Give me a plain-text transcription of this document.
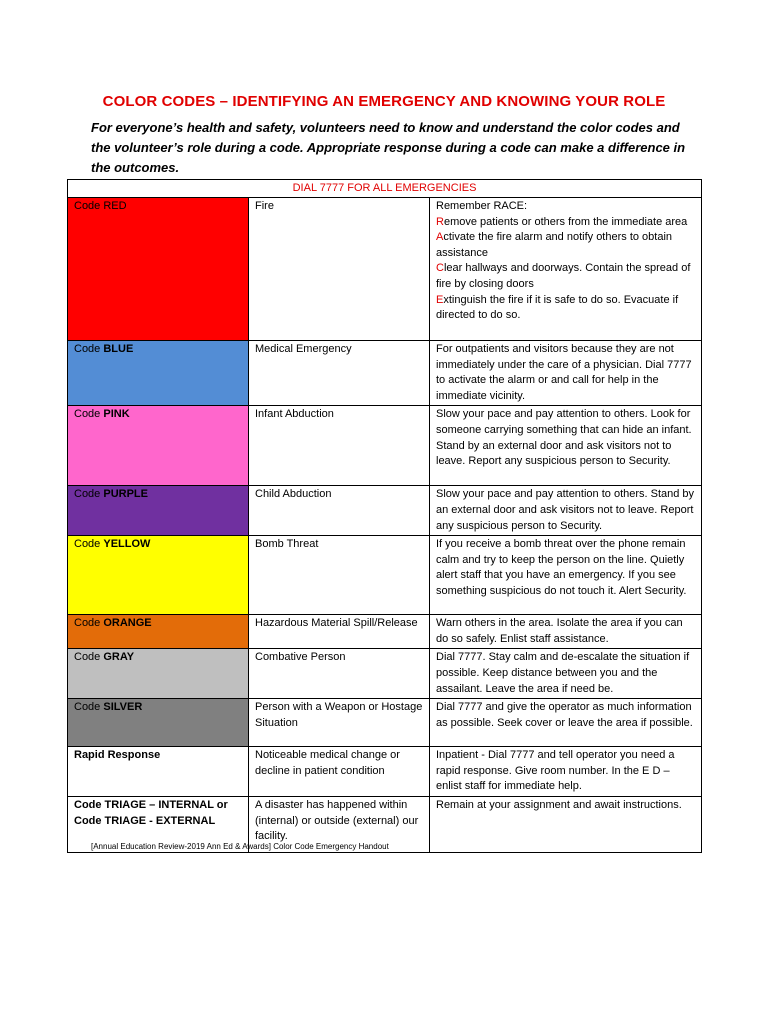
COLOR CODES – IDENTIFYING AN EMERGENCY AND KNOWING YOUR ROLE
For everyone’s health and safety, volunteers need to know and understand the color codes and the volunteer’s role during a code. Appropriate response during a code can make a difference in the outcomes.
DIAL 7777 FOR ALL EMERGENCIES		
Code RED	Fire	Remember RACE:
Remove patients or others from the immediate area
Activate the fire alarm and notify others to obtain assistance
Clear hallways and doorways. Contain the spread of fire by closing doors
Extinguish the fire if it is safe to do so. Evacuate if directed to do so.

Code BLUE	Medical Emergency	For outpatients and visitors because they are not immediately under the care of a physician. Dial 7777 to activate the alarm or and call for help in the immediate vicinity.
Code PINK	Infant Abduction	Slow your pace and pay attention to others. Look for someone carrying something that can hide an infant. Stand by an external door and ask visitors not to leave. Report any suspicious person to Security.
Code PURPLE	Child Abduction	Slow your pace and pay attention to others. Stand by an external door and ask visitors not to leave. Report any suspicious person to Security.
Code YELLOW	Bomb Threat	If you receive a bomb threat over the phone remain calm and try to keep the person on the line. Quietly alert staff that you have an emergency. If you see something suspicious do not touch it. Alert Security.
Code ORANGE	Hazardous Material Spill/Release	Warn others in the area. Isolate the area if you can do so safely. Enlist staff assistance.
Code GRAY	Combative Person	Dial 7777. Stay calm and de-escalate the situation if possible. Keep distance between you and the assailant. Leave the area if need be.
Code SILVER	Person with a Weapon or Hostage Situation	Dial 7777 and give the operator as much information as possible. Seek cover or leave the area if possible.
Rapid Response	Noticeable medical change or decline in patient condition	Inpatient - Dial 7777 and tell operator you need a rapid response. Give room number. In the E D – enlist staff for immediate help.

Code TRIAGE – INTERNAL or
Code TRIAGE - EXTERNAL	A disaster has happened within (internal) or outside (external) our facility.	Remain at your assignment and await instructions.
[Annual Education Review-2019 Ann Ed & Awards] Color Code Emergency Handout
